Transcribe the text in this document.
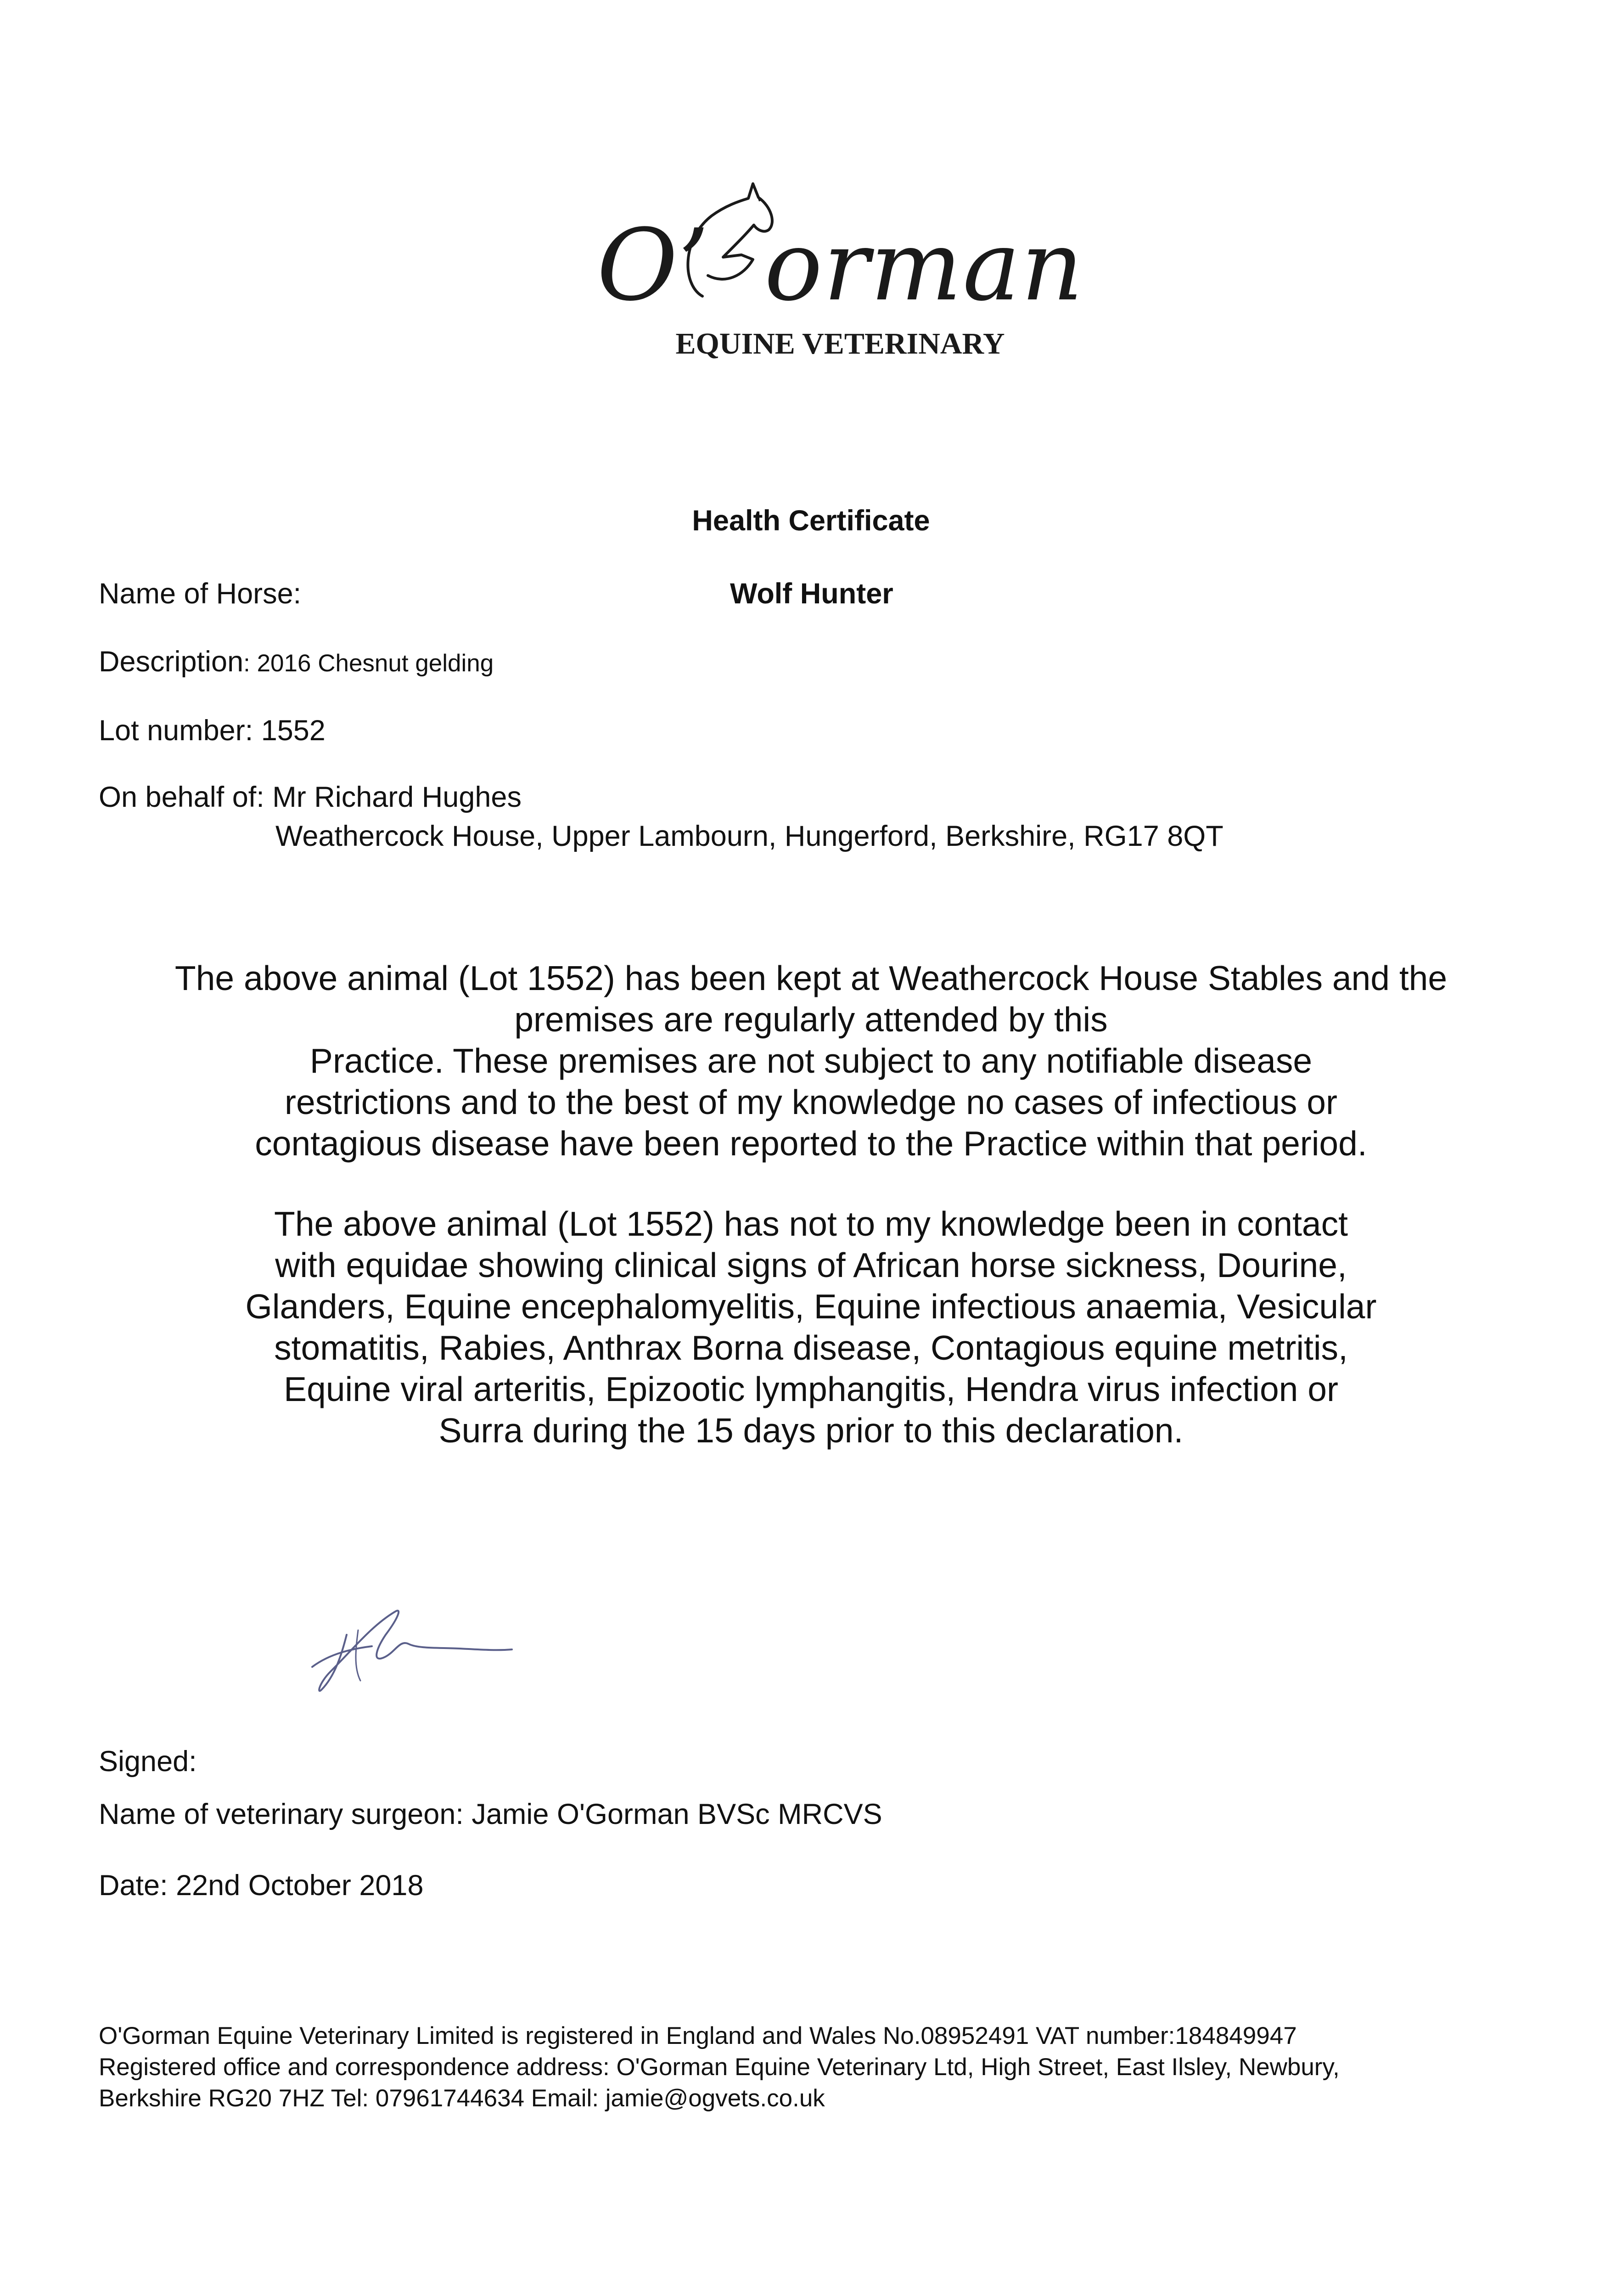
O’ orman
EQUINE VETERINARY
Health Certificate
Name of Horse:	Wolf Hunter
Description: 2016 Chesnut gelding
Lot number: 1552
On behalf of: Mr Richard Hughes
Weathercock House, Upper Lambourn, Hungerford, Berkshire, RG17 8QT
The above animal (Lot 1552) has been kept at Weathercock House Stables and the
premises are regularly attended by this
Practice. These premises are not subject to any notifiable disease
restrictions and to the best of my knowledge no cases of infectious or
contagious disease have been reported to the Practice within that period.
The above animal (Lot 1552) has not to my knowledge been in contact
with equidae showing clinical signs of African horse sickness, Dourine,
Glanders, Equine encephalomyelitis, Equine infectious anaemia, Vesicular
stomatitis, Rabies, Anthrax Borna disease, Contagious equine metritis,
Equine viral arteritis, Epizootic lymphangitis, Hendra virus infection or
Surra during the 15 days prior to this declaration.
Signed:
Name of veterinary surgeon: Jamie O'Gorman BVSc MRCVS
Date: 22nd October 2018
O'Gorman Equine Veterinary Limited is registered in England and Wales No.08952491 VAT number:184849947
Registered office and correspondence address: O'Gorman Equine Veterinary Ltd, High Street, East Ilsley, Newbury,
Berkshire RG20 7HZ Tel: 07961744634 Email: jamie@ogvets.co.uk
